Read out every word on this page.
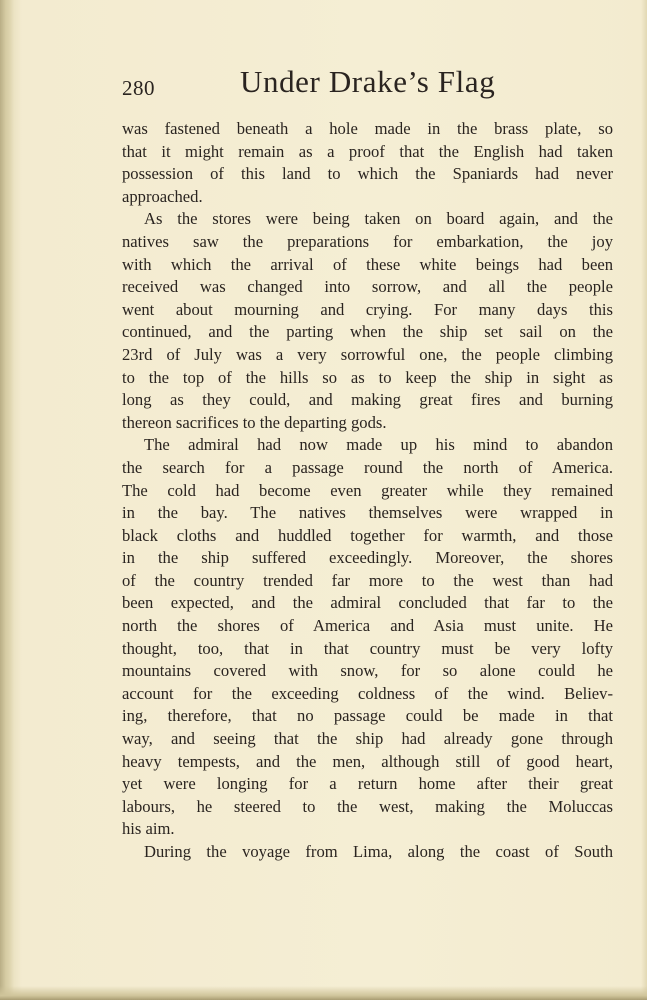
280	Under Drake’s Flag
was fastened beneath a hole made in the brass plate, so
that it might remain as a proof that the English had taken
possession of this land to which the Spaniards had never
approached.
As the stores were being taken on board again, and the
natives saw the preparations for embarkation, the joy
with which the arrival of these white beings had been
received was changed into sorrow, and all the people
went about mourning and crying. For many days this
continued, and the parting when the ship set sail on the
23rd of July was a very sorrowful one, the people climbing
to the top of the hills so as to keep the ship in sight as
long as they could, and making great fires and burning
thereon sacrifices to the departing gods.
The admiral had now made up his mind to abandon
the search for a passage round the north of America.
The cold had become even greater while they remained
in the bay. The natives themselves were wrapped in
black cloths and huddled together for warmth, and those
in the ship suffered exceedingly. Moreover, the shores
of the country trended far more to the west than had
been expected, and the admiral concluded that far to the
north the shores of America and Asia must unite. He
thought, too, that in that country must be very lofty
mountains covered with snow, for so alone could he
account for the exceeding coldness of the wind. Believ-
ing, therefore, that no passage could be made in that
way, and seeing that the ship had already gone through
heavy tempests, and the men, although still of good heart,
yet were longing for a return home after their great
labours, he steered to the west, making the Moluccas
his aim.
During the voyage from Lima, along the coast of South
